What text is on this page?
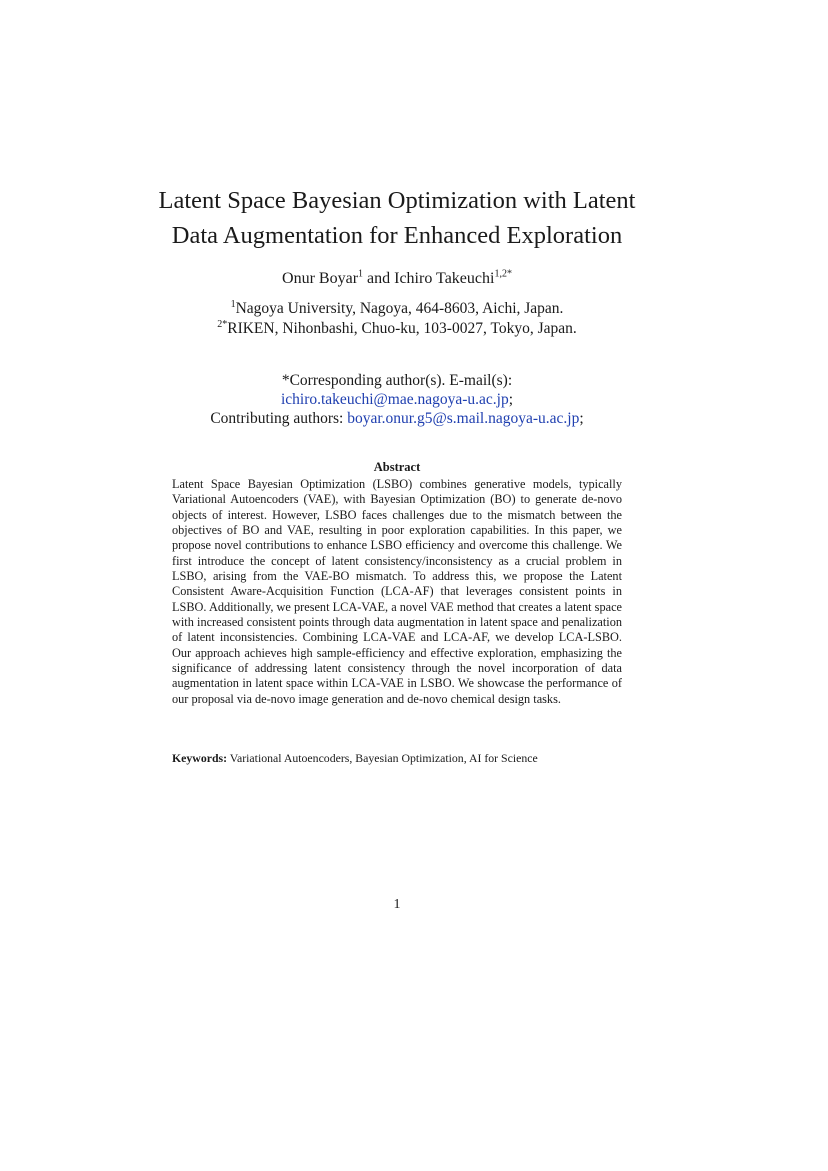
Latent Space Bayesian Optimization with Latent
Data Augmentation for Enhanced Exploration
Onur Boyar$^1$ and Ichiro Takeuchi$^{1,2*}$
$^1$Nagoya University, Nagoya, 464-8603, Aichi, Japan.
$^{2*}$RIKEN, Nihonbashi, Chuo-ku, 103-0027, Tokyo, Japan.
*Corresponding author(s). E-mail(s):
ichiro.takeuchi@mae.nagoya-u.ac.jp;
Contributing authors: boyar.onur.g5@s.mail.nagoya-u.ac.jp;
Abstract
Latent Space Bayesian Optimization (LSBO) combines generative models, typically Variational Autoencoders (VAE), with Bayesian Optimization (BO) to generate de-novo objects of interest. However, LSBO faces challenges due to the mismatch between the objectives of BO and VAE, resulting in poor exploration capabilities. In this paper, we propose novel contributions to enhance LSBO efficiency and overcome this challenge. We first introduce the concept of latent consistency/inconsistency as a crucial problem in LSBO, arising from the VAE-BO mismatch. To address this, we propose the Latent Consistent Aware-Acquisition Function (LCA-AF) that leverages consistent points in LSBO. Additionally, we present LCA-VAE, a novel VAE method that creates a latent space with increased consistent points through data augmentation in latent space and penalization of latent inconsistencies. Combining LCA-VAE and LCA-AF, we develop LCA-LSBO. Our approach achieves high sample-efficiency and effective exploration, emphasizing the significance of addressing latent consistency through the novel incorporation of data augmentation in latent space within LCA-VAE in LSBO. We showcase the performance of our proposal via de-novo image generation and de-novo chemical design tasks.
Keywords: Variational Autoencoders, Bayesian Optimization, AI for Science
1
